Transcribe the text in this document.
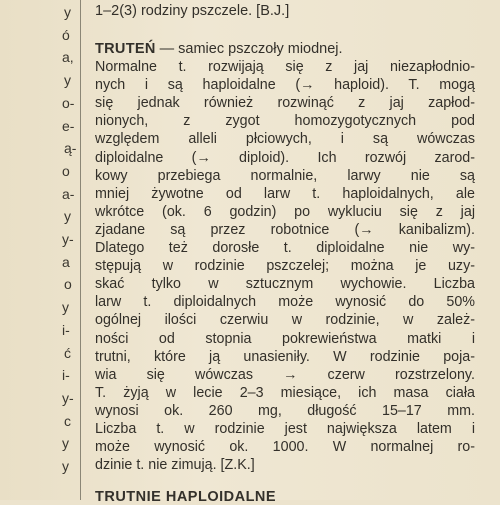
y
ó
a,
y
o-
e-
ą-
o
a-
y
y-
a
o
y
i-
ć
i-
y-
c
y
y
1–2(3) rodziny pszczele. [B.J.]
TRUTEŃ — samiec pszczoły miodnej.
Normalne t. rozwijają się z jaj niezapłodnio-
nych i są haploidalne (→ haploid). T. mogą
się jednak również rozwinąć z jaj zapłod-
nionych, z zygot homozygotycznych pod
względem alleli płciowych, i są wówczas
diploidalne (→ diploid). Ich rozwój zarod-
kowy przebiega normalnie, larwy nie są
mniej żywotne od larw t. haploidalnych, ale
wkrótce (ok. 6 godzin) po wykluciu się z jaj
zjadane są przez robotnice (→ kanibalizm).
Dlatego też dorosłe t. diploidalne nie wy-
stępują w rodzinie pszczelej; można je uzy-
skać tylko w sztucznym wychowie. Liczba
larw t. diploidalnych może wynosić do 50%
ogólnej ilości czerwiu w rodzinie, w zależ-
ności od stopnia pokrewieństwa matki i
trutni, które ją unasieniły. W rodzinie poja-
wia się wówczas → czerw rozstrzelony.
T. żyją w lecie 2–3 miesiące, ich masa ciała
wynosi ok. 260 mg, długość 15–17 mm.
Liczba t. w rodzinie jest największa latem i
może wynosić ok. 1000. W normalnej ro-
dzinie t. nie zimują. [Z.K.]
TRUTNIE HAPLOIDALNE
